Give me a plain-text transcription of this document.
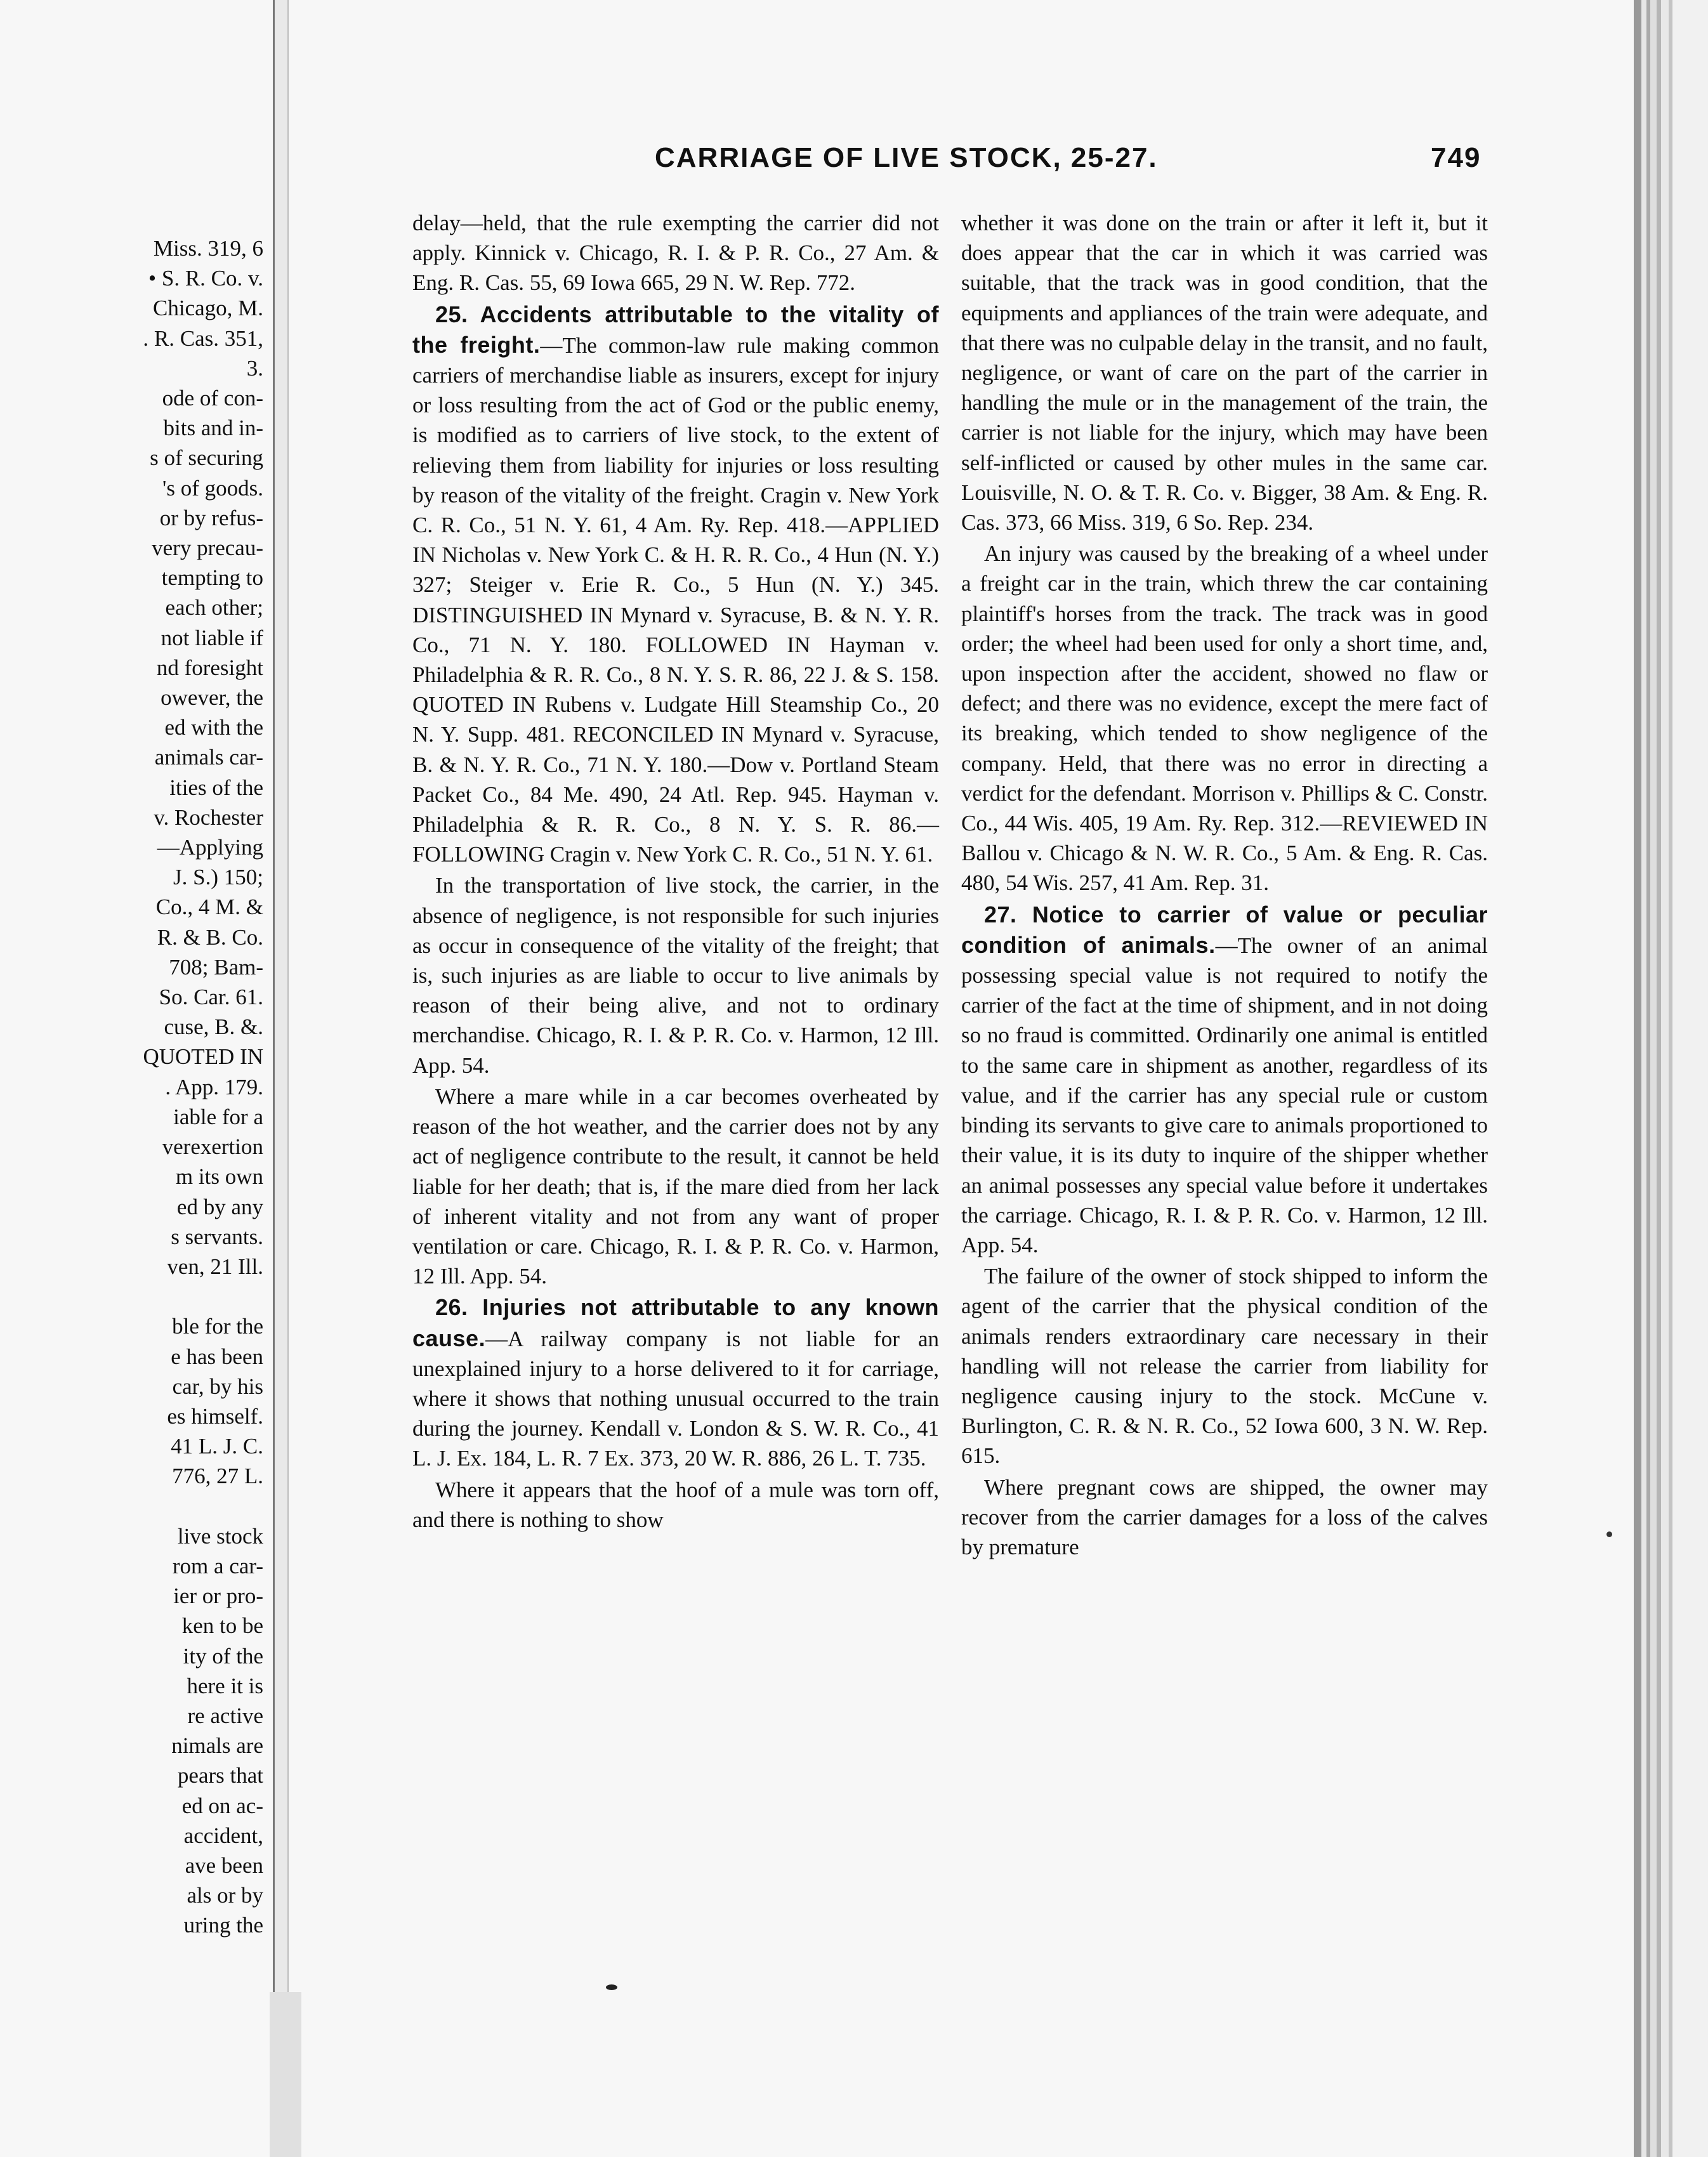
Miss. 319, 6
• S. R. Co. v.
Chicago, M.
. R. Cas. 351,
3.
ode of con-
bits and in-
s of securing
's of goods.
or by refus-
very precau-
tempting to
each other;
not liable if
nd foresight
owever, the
ed with the
animals car-
ities of the
v. Rochester
—Applying
J. S.) 150;
Co., 4 M. &
R. & B. Co.
708; Bam-
So. Car. 61.
cuse, B. &.
QUOTED IN
. App. 179.
iable for a
verexertion
m its own
ed by any
s servants.
ven, 21 Ill.

ble for the
e has been
car, by his
es himself.
41 L. J. C.
776, 27 L.

live stock
rom a car-
ier or pro-
ken to be
ity of the
here it is
re active
nimals are
pears that
ed on ac-
accident,
ave been
als or by
uring the
CARRIAGE OF LIVE STOCK, 25-27.	749

delay—held, that the rule exempting the carrier did not apply. Kinnick v. Chicago, R. I. & P. R. Co., 27 Am. & Eng. R. Cas. 55, 69 Iowa 665, 29 N. W. Rep. 772.

25. Accidents attributable to the vitality of the freight.—The common-law rule making common carriers of merchandise liable as insurers, except for injury or loss resulting from the act of God or the public enemy, is modified as to carriers of live stock, to the extent of relieving them from liability for injuries or loss resulting by reason of the vitality of the freight. Cragin v. New York C. R. Co., 51 N. Y. 61, 4 Am. Ry. Rep. 418.—APPLIED IN Nicholas v. New York C. & H. R. R. Co., 4 Hun (N. Y.) 327; Steiger v. Erie R. Co., 5 Hun (N. Y.) 345. DISTINGUISHED IN Mynard v. Syracuse, B. & N. Y. R. Co., 71 N. Y. 180. FOLLOWED IN Hayman v. Philadelphia & R. R. Co., 8 N. Y. S. R. 86, 22 J. & S. 158. QUOTED IN Rubens v. Ludgate Hill Steamship Co., 20 N. Y. Supp. 481. RECONCILED IN Mynard v. Syracuse, B. & N. Y. R. Co., 71 N. Y. 180.—Dow v. Portland Steam Packet Co., 84 Me. 490, 24 Atl. Rep. 945. Hayman v. Philadelphia & R. R. Co., 8 N. Y. S. R. 86.—FOLLOWING Cragin v. New York C. R. Co., 51 N. Y. 61.

In the transportation of live stock, the carrier, in the absence of negligence, is not responsible for such injuries as occur in consequence of the vitality of the freight; that is, such injuries as are liable to occur to live animals by reason of their being alive, and not to ordinary merchandise. Chicago, R. I. & P. R. Co. v. Harmon, 12 Ill. App. 54.

Where a mare while in a car becomes overheated by reason of the hot weather, and the carrier does not by any act of negligence contribute to the result, it cannot be held liable for her death; that is, if the mare died from her lack of inherent vitality and not from any want of proper ventilation or care. Chicago, R. I. & P. R. Co. v. Harmon, 12 Ill. App. 54.

26. Injuries not attributable to any known cause.—A railway company is not liable for an unexplained injury to a horse delivered to it for carriage, where it shows that nothing unusual occurred to the train during the journey. Kendall v. London & S. W. R. Co., 41 L. J. Ex. 184, L. R. 7 Ex. 373, 20 W. R. 886, 26 L. T. 735.

Where it appears that the hoof of a mule was torn off, and there is nothing to show

whether it was done on the train or after it left it, but it does appear that the car in which it was carried was suitable, that the track was in good condition, that the equipments and appliances of the train were adequate, and that there was no culpable delay in the transit, and no fault, negligence, or want of care on the part of the carrier in handling the mule or in the management of the train, the carrier is not liable for the injury, which may have been self-inflicted or caused by other mules in the same car. Louisville, N. O. & T. R. Co. v. Bigger, 38 Am. & Eng. R. Cas. 373, 66 Miss. 319, 6 So. Rep. 234.

An injury was caused by the breaking of a wheel under a freight car in the train, which threw the car containing plaintiff's horses from the track. The track was in good order; the wheel had been used for only a short time, and, upon inspection after the accident, showed no flaw or defect; and there was no evidence, except the mere fact of its breaking, which tended to show negligence of the company. Held, that there was no error in directing a verdict for the defendant. Morrison v. Phillips & C. Constr. Co., 44 Wis. 405, 19 Am. Ry. Rep. 312.—REVIEWED IN Ballou v. Chicago & N. W. R. Co., 5 Am. & Eng. R. Cas. 480, 54 Wis. 257, 41 Am. Rep. 31.

27. Notice to carrier of value or peculiar condition of animals.—The owner of an animal possessing special value is not required to notify the carrier of the fact at the time of shipment, and in not doing so no fraud is committed. Ordinarily one animal is entitled to the same care in shipment as another, regardless of its value, and if the carrier has any special rule or custom binding its servants to give care to animals proportioned to their value, it is its duty to inquire of the shipper whether an animal possesses any special value before it undertakes the carriage. Chicago, R. I. & P. R. Co. v. Harmon, 12 Ill. App. 54.

The failure of the owner of stock shipped to inform the agent of the carrier that the physical condition of the animals renders extraordinary care necessary in their handling will not release the carrier from liability for negligence causing injury to the stock. McCune v. Burlington, C. R. & N. R. Co., 52 Iowa 600, 3 N. W. Rep. 615.

Where pregnant cows are shipped, the owner may recover from the carrier damages for a loss of the calves by premature
